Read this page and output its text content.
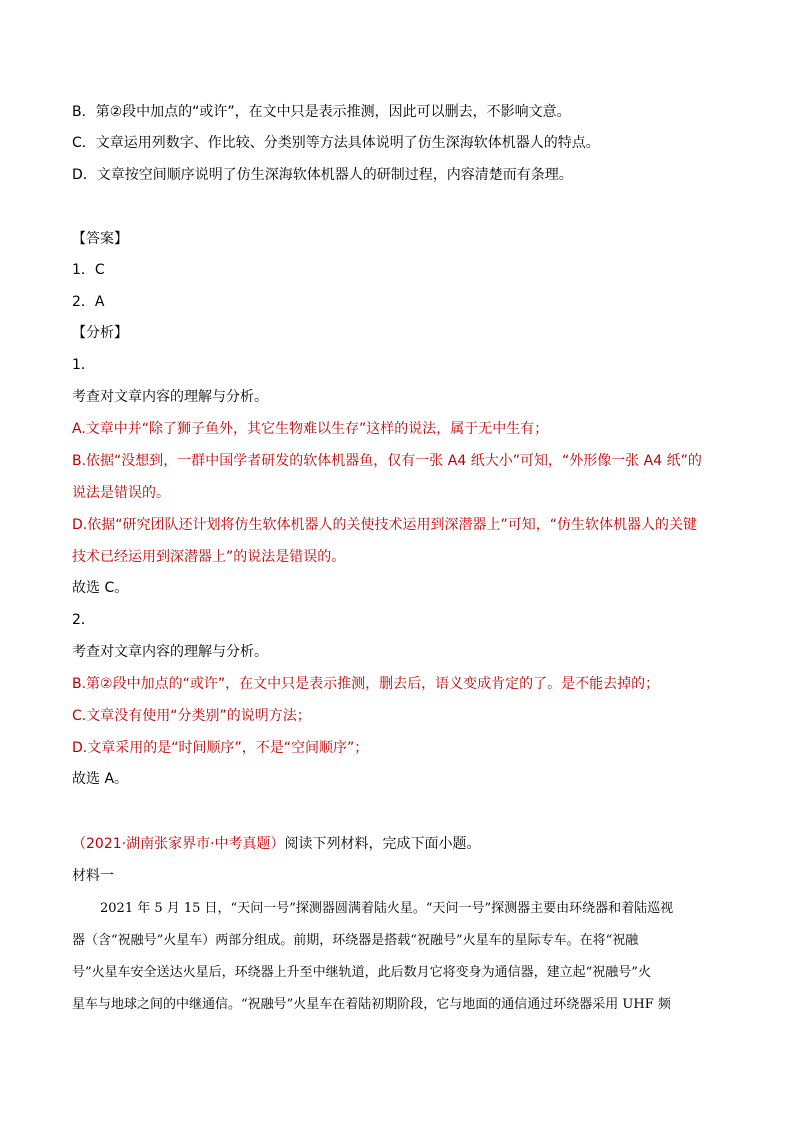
B．第②段中加点的“或许”，在文中只是表示推测，因此可以删去，不影响文意。
C．文章运用列数字、作比较、分类别等方法具体说明了仿生深海软体机器人的特点。
D．文章按空间顺序说明了仿生深海软体机器人的研制过程，内容清楚而有条理。
【答案】
1．C
2．A
【分析】
1．
考查对文章内容的理解与分析。
A.文章中并“除了狮子鱼外，其它生物难以生存”这样的说法，属于无中生有；
B.依据“没想到，一群中国学者研发的软体机器鱼，仅有一张 A4 纸大小”可知，“外形像一张 A4 纸”的
说法是错误的。
D.依据“研究团队还计划将仿生软体机器人的关使技术运用到深潜器上”可知，“仿生软体机器人的关键
技术已经运用到深潜器上”的说法是错误的。
故选 C。
2．
考查对文章内容的理解与分析。
B.第②段中加点的“或许”，在文中只是表示推测，删去后，语义变成肯定的了。是不能去掉的；
C.文章没有使用“分类别”的说明方法；
D.文章采用的是“时间顺序”，不是“空间顺序”；
故选 A。
（2021·湖南张家界市·中考真题）阅读下列材料，完成下面小题。
材料一
2021 年 5 月 15 日，“天问一号”探测器圆满着陆火星。“天问一号”探测器主要由环绕器和着陆巡视
器（含“祝融号”火星车）两部分组成。前期，环绕器是搭载“祝融号”火星车的星际专车。在将“祝融
号”火星车安全送达火星后，环绕器上升至中继轨道，此后数月它将变身为通信器，建立起“祝融号”火
星车与地球之间的中继通信。“祝融号”火星车在着陆初期阶段，它与地面的通信通过环绕器采用 UHF 频
